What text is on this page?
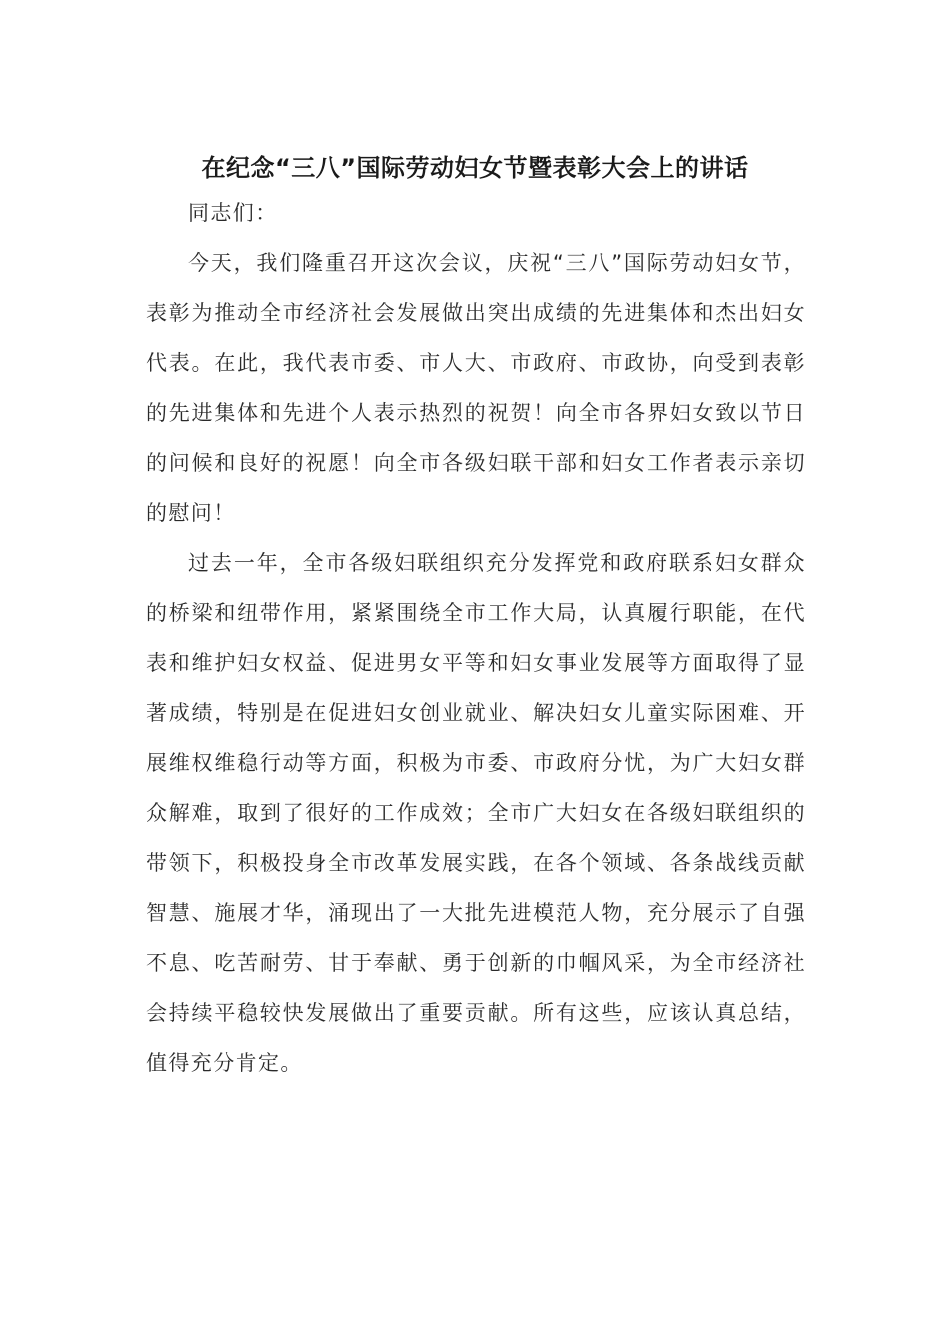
在纪念“三八”国际劳动妇女节暨表彰大会上的讲话

同志们：

今天，我们隆重召开这次会议，庆祝“三八”国际劳动妇女节，表彰为推动全市经济社会发展做出突出成绩的先进集体和杰出妇女代表。在此，我代表市委、市人大、市政府、市政协，向受到表彰的先进集体和先进个人表示热烈的祝贺！向全市各界妇女致以节日的问候和良好的祝愿！向全市各级妇联干部和妇女工作者表示亲切的慰问！

过去一年，全市各级妇联组织充分发挥党和政府联系妇女群众的桥梁和纽带作用，紧紧围绕全市工作大局，认真履行职能，在代表和维护妇女权益、促进男女平等和妇女事业发展等方面取得了显著成绩，特别是在促进妇女创业就业、解决妇女儿童实际困难、开展维权维稳行动等方面，积极为市委、市政府分忧，为广大妇女群众解难，取到了很好的工作成效；全市广大妇女在各级妇联组织的带领下，积极投身全市改革发展实践，在各个领域、各条战线贡献智慧、施展才华，涌现出了一大批先进模范人物，充分展示了自强不息、吃苦耐劳、甘于奉献、勇于创新的巾帼风采，为全市经济社会持续平稳较快发展做出了重要贡献。所有这些，应该认真总结，值得充分肯定。
